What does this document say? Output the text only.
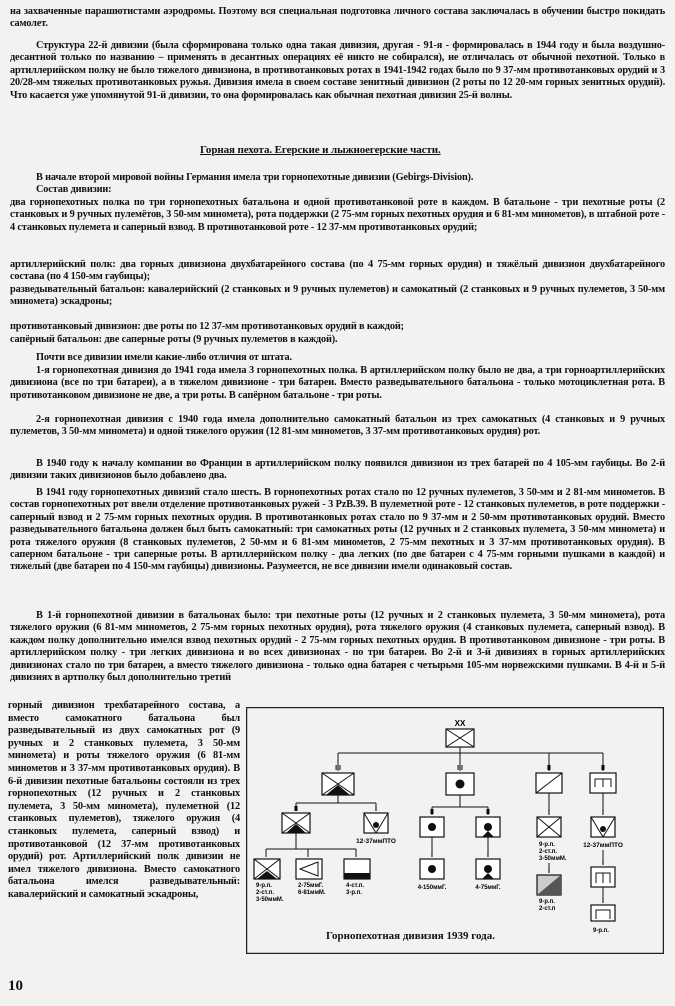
на захваченные парашютистами аэродромы. Поэтому вся специальная подготовка личного состава заключалась в обучении быстро покидать самолет.

Структура 22-й дивизии (была сформирована только одна такая дивизия, другая - 91-я - формировалась в 1944 году и была воздушно-десантной только по названию – применять в десантных операциях её никто не собирался), не отличалась от обычной пехотной. Только в артиллерийском полку не было тяжелого дивизиона, в противотанковых ротах в 1941-1942 годах было по 9 37-мм противотанковых орудий и 3 20/28-мм тяжелых противотанковых ружья. Дивизия имела в своем составе зенитный дивизион (2 роты по 12 20-мм горных зенитных орудий). Что касается уже упомянутой 91-й дивизии, то она формировалась как обычная пехотная дивизия 25-й волны.

Горная пехота. Егерские и лыжноегерские части.

В начале второй мировой войны Германия имела три горнопехотные дивизии (Gebirgs-Division).

Состав дивизии:

два горнопехотных полка по три горнопехотных батальона и одной противотанковой роте в каждом. В батальоне - три пехотные роты (2 станковых и 9 ручных пулемётов, 3 50-мм миномета), рота поддержки (2 75-мм горных пехотных орудия и 6 81-мм минометов), в штабной роте - 4 станковых пулемета и саперный взвод. В противотанковой роте - 12 37-мм противотанковых орудий;

артиллерийский полк: два горных дивизиона двухбатарейного состава (по 4 75-мм горных орудия) и тяжёлый дивизион двухбатарейного состава (по 4 150-мм гаубицы);

разведывательный батальон: кавалерийский (2 станковых и 9 ручных пулеметов) и самокатный (2 станковых и 9 ручных пулеметов, 3 50-мм миномета) эскадроны;

противотанковый дивизион: две роты по 12 37-мм противотанковых орудий в каждой;

сапёрный батальон: две саперные роты (9 ручных пулеметов в каждой).

Почти все дивизии имели какие-либо отличия от штата.

1-я горнопехотная дивизия до 1941 года имела 3 горнопехотных полка. В артиллерийском полку было не два, а три горноартиллерийских дивизиона (все по три батареи), а в тяжелом дивизионе - три батареи. Вместо разведывательного батальона - только мотоциклетная рота. В противотанковом дивизионе не две, а три роты. В сапёрном батальоне - три роты.

2-я горнопехотная дивизия с 1940 года имела дополнительно самокатный батальон из трех самокатных (4 станковых и 9 ручных пулеметов, 3 50-мм миномета) и одной тяжелого оружия (12 81-мм минометов, 3 37-мм противотанковых орудия) рот.

В 1940 году к началу компании во Франции в артиллерийском полку появился дивизион из трех батарей по 4 105-мм гаубицы. Во 2-й дивизии таких дивизионов было добавлено два.

В 1941 году горнопехотных дивизий стало шесть. В горнопехотных ротах стало по 12 ручных пулеметов, 3 50-мм и 2 81-мм минометов. В состав горнопехотных рот ввели отделение противотанковых ружей - 3 PzB.39. В пулеметной роте - 12 станковых пулеметов, в роте поддержки - саперный взвод и 2 75-мм горных пехотных орудия. В противотанковых ротах стало по 9 37-мм и 2 50-мм противотанковых орудий. Вместо разведывательного батальона должен был быть самокатный: три самокатных роты (12 ручных и 2 станковых пулемета, 3 50-мм миномета) и рота тяжелого оружия (8 станковых пулеметов, 2 50-мм и 6 81-мм минометов, 2 75-мм пехотных и 3 37-мм противотанковых орудия). В саперном батальоне - три саперные роты. В артиллерийском полку - два легких (по две батареи с 4 75-мм горными пушками в каждой) и тяжелый (две батареи по 4 150-мм гаубицы) дивизионы. Разумеется, не все дивизии имели одинаковый состав.

В 1-й горнопехотной дивизии в батальонах было: три пехотные роты (12 ручных и 2 станковых пулемета, 3 50-мм миномета), рота тяжелого оружия (6 81-мм минометов, 2 75-мм горных пехотных орудия), рота тяжелого оружия (4 станковых пулемета, саперный взвод). В каждом полку дополнительно имелся взвод пехотных орудий - 2 75-мм горных пехотных орудия. В противотанковом дивизионе - три роты. В артиллерийском полку - три легких дивизиона и во всех дивизионах - по три батареи. Во 2-й и 3-й дивизиях в горных артиллерийских дивизионах стало по три батареи, а вместо тяжелого дивизиона - только одна батарея с четырьмя 105-мм норвежскими пушками. В 4-й и 5-й дивизиях в артполку был дополнительно третий

горный дивизион трехбатарейного состава, а вместо самокатного батальона был разведывательный из двух самокатных рот (9 ручных и 2 станковых пулемета, 3 50-мм миномета) и роты тяжелого оружия (6 81-мм минометов и 3 37-мм противотанковых орудия). В 6-й дивизии пехотные батальоны состояли из трех горнопехотных (12 ручных и 2 станковых пулемета, 3 50-мм миномета), пулеметной (12 станковых пулеметов), тяжелого оружия (4 станковых пулемета, саперный взвод) и противотанковой (12 37-мм противотанковых орудий) рот. Артиллерийский полк дивизии не имел тяжелого дивизиона. Вместо самокатного батальона имелся разведывательный: кавалерийский и самокатный эскадроны,

XX
III	III	II	II
II	I
12-37ммПТО
9-р.п. 2-ст.п. 3-50ммМ.
2-75ммГ. 6-81ммМ.
4-ст.п. 3-р.п.
II	II
I	I
4-150ммГ.	4-75ммГ.
I
9-р.п. 2-ст.п. 3-50ммМ.
I
9-р.п. 2-ст.п
I
12-37ммПТО
I
I
9-р.п.
Горнопехотная дивизия 1939 года.
10
